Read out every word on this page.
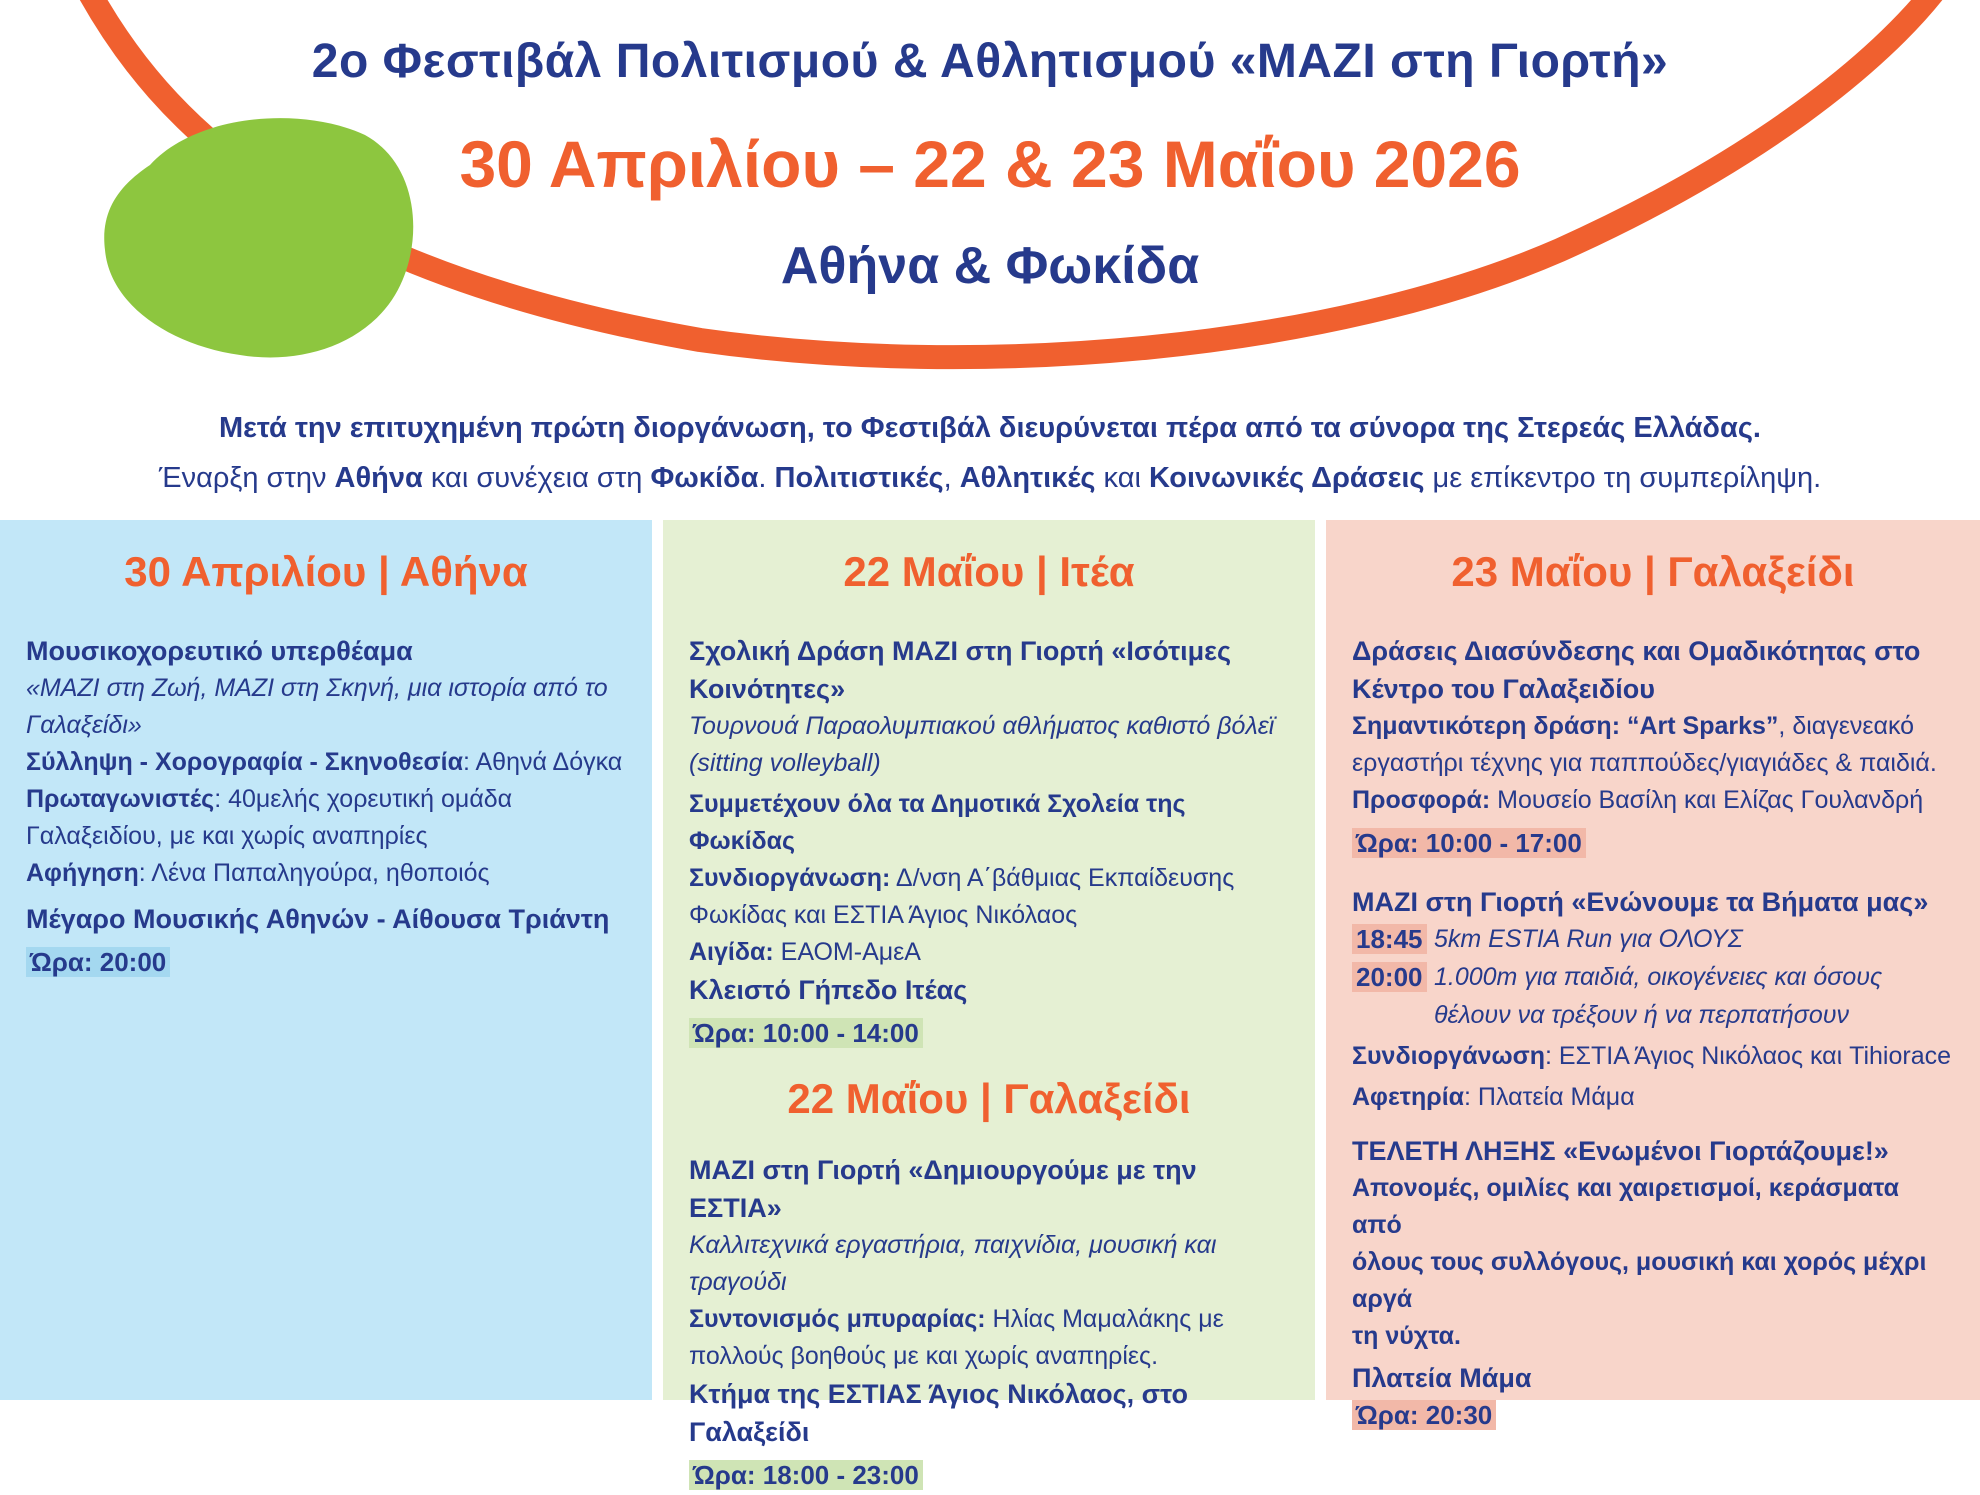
2ο Φεστιβάλ Πολιτισμού & Αθλητισμού «ΜΑΖΙ στη Γιορτή»
30 Απριλίου – 22 & 23 Μαΐου 2026
Αθήνα & Φωκίδα
Μετά την επιτυχημένη πρώτη διοργάνωση, το Φεστιβάλ διευρύνεται πέρα από τα σύνορα της Στερεάς Ελλάδας.
Έναρξη στην Αθήνα και συνέχεια στη Φωκίδα. Πολιτιστικές, Αθλητικές και Κοινωνικές Δράσεις με επίκεντρο τη συμπερίληψη.
30 Απριλίου | Αθήνα
Μουσικοχορευτικό υπερθέαμα
«ΜΑΖΙ στη Ζωή, ΜΑΖΙ στη Σκηνή, μια ιστορία από το
Γαλαξείδι»
Σύλληψη - Χορογραφία - Σκηνοθεσία: Αθηνά Δόγκα
Πρωταγωνιστές: 40μελής χορευτική ομάδα
Γαλαξειδίου, με και χωρίς αναπηρίες
Αφήγηση: Λένα Παπαληγούρα, ηθοποιός
Μέγαρο Μουσικής Αθηνών - Αίθουσα Τριάντη
Ώρα: 20:00
22 Μαΐου | Ιτέα
Σχολική Δράση ΜΑΖΙ στη Γιορτή «Ισότιμες
Κοινότητες»
Τουρνουά Παραολυμπιακού αθλήματος καθιστό βόλεϊ
(sitting volleyball)
Συμμετέχουν όλα τα Δημοτικά Σχολεία της Φωκίδας
Συνδιοργάνωση: Δ/νση Α΄βάθμιας Εκπαίδευσης
Φωκίδας και ΕΣΤΙΑ Άγιος Νικόλαος
Αιγίδα: ΕΑΟΜ-ΑμεΑ
Κλειστό Γήπεδο Ιτέας
Ώρα: 10:00 - 14:00
22 Μαΐου | Γαλαξείδι
ΜΑΖΙ στη Γιορτή «Δημιουργούμε με την ΕΣΤΙΑ»
Καλλιτεχνικά εργαστήρια, παιχνίδια, μουσική και τραγούδι
Συντονισμός μπυραρίας: Ηλίας Μαμαλάκης με
πολλούς βοηθούς με και χωρίς αναπηρίες.
Κτήμα της ΕΣΤΙΑΣ Άγιος Νικόλαος, στο Γαλαξείδι
Ώρα: 18:00 - 23:00
23 Μαΐου | Γαλαξείδι
Δράσεις Διασύνδεσης και Ομαδικότητας στο
Κέντρο του Γαλαξειδίου
Σημαντικότερη δράση: “Art Sparks”, διαγενεακό
εργαστήρι τέχνης για παππούδες/γιαγιάδες & παιδιά.
Προσφορά: Μουσείο Βασίλη και Ελίζας Γουλανδρή
Ώρα: 10:00 - 17:00
ΜΑΖΙ στη Γιορτή «Ενώνουμε τα Βήματα μας»
18:45 5km ESTIA Run για ΟΛΟΥΣ
20:00 1.000m για παιδιά, οικογένειες και όσους
θέλουν να τρέξουν ή να περπατήσουν
Συνδιοργάνωση: ΕΣΤΙΑ Άγιος Νικόλαος και Tihiorace
Αφετηρία: Πλατεία Μάμα
ΤΕΛΕΤΗ ΛΗΞΗΣ «Ενωμένοι Γιορτάζουμε!»
Απονομές, ομιλίες και χαιρετισμοί, κεράσματα από
όλους τους συλλόγους, μουσική και χορός μέχρι αργά
τη νύχτα.
Πλατεία Μάμα
Ώρα: 20:30
